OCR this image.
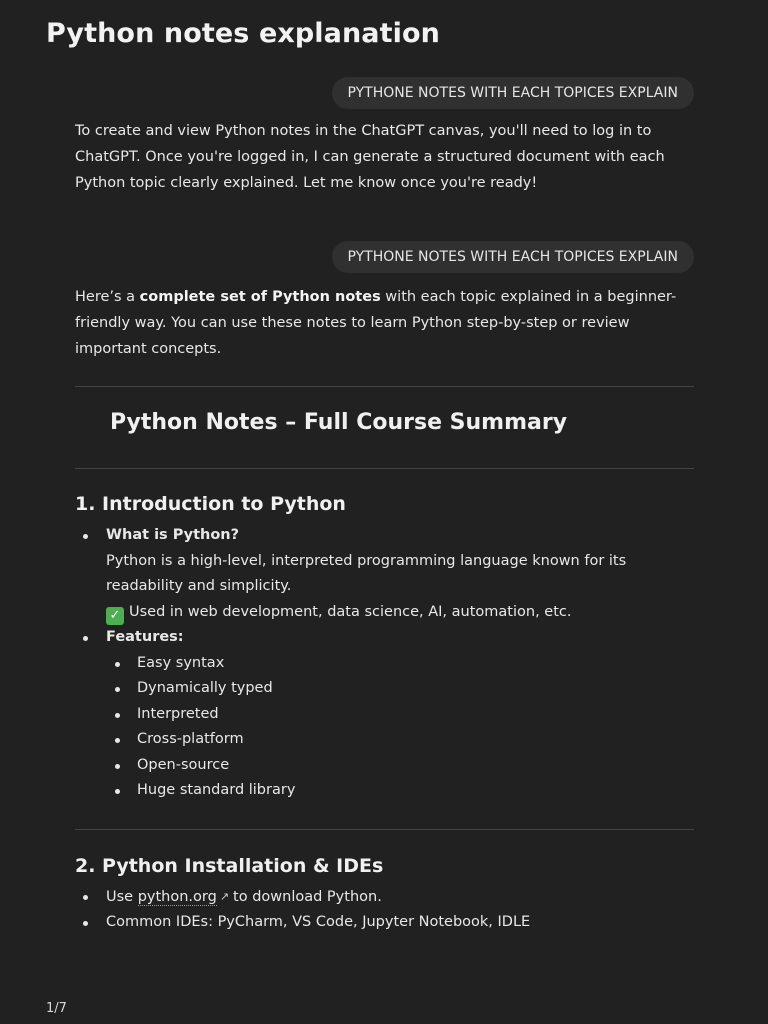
Python notes explanation
PYTHONE NOTES WITH EACH TOPICES EXPLAIN

To create and view Python notes in the ChatGPT canvas, you'll need to log in to ChatGPT. Once you're logged in, I can generate a structured document with each Python topic clearly explained. Let me know once you're ready!

PYTHONE NOTES WITH EACH TOPICES EXPLAIN

Here’s a complete set of Python notes with each topic explained in a beginner-friendly way. You can use these notes to learn Python step-by-step or review important concepts.

Python Notes – Full Course Summary
1. Introduction to Python
What is Python?
Python is a high-level, interpreted programming language known for its
readability and simplicity.
✓ Used in web development, data science, AI, automation, etc.
Features:
Easy syntax
Dynamically typed
Interpreted
Cross-platform
Open-source
Huge standard library
2. Python Installation & IDEs
Use python.org ↗ to download Python.
Common IDEs: PyCharm, VS Code, Jupyter Notebook, IDLE
1/7
